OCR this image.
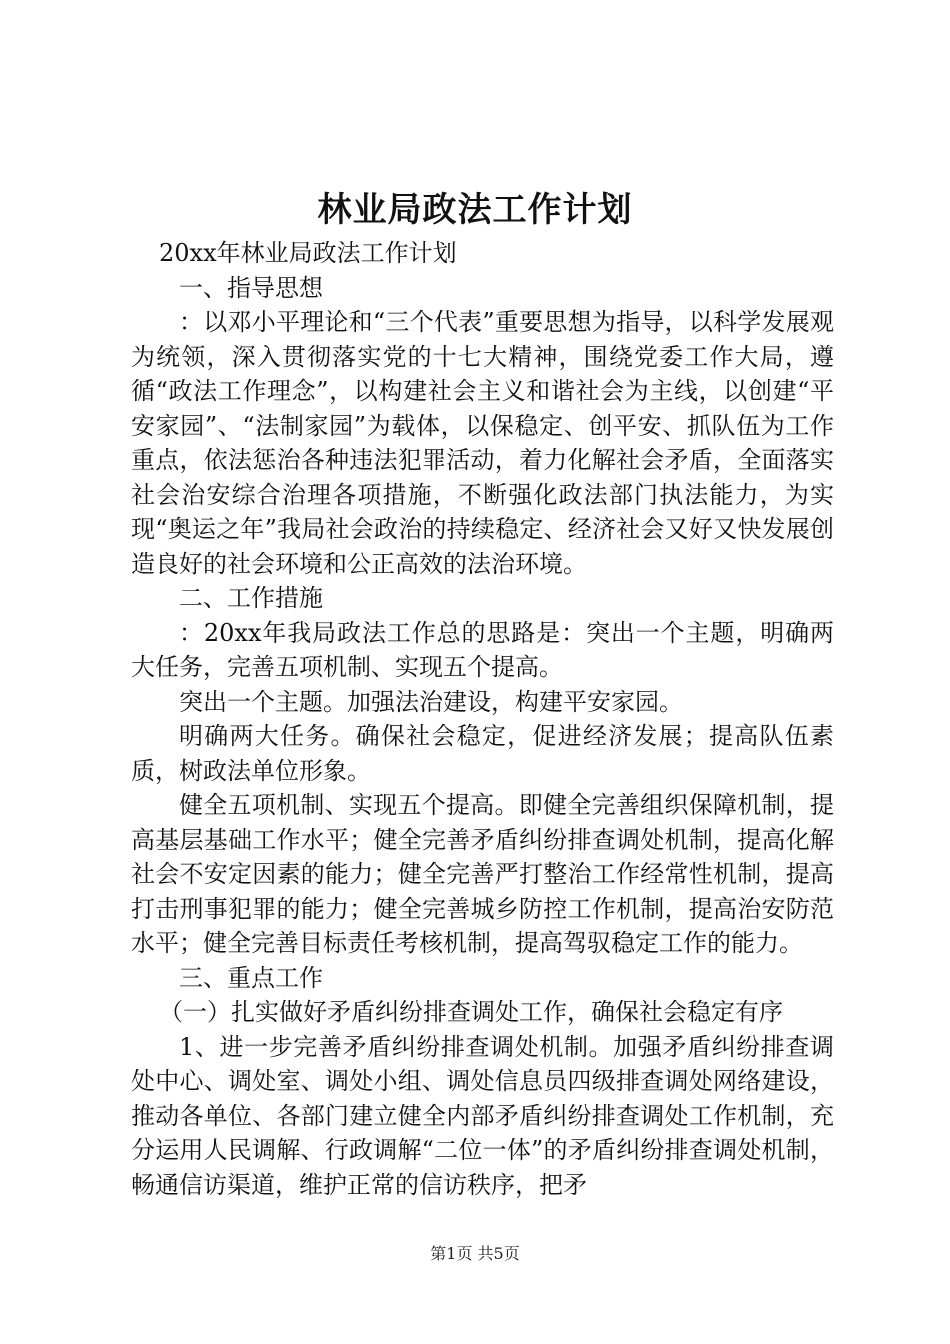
林业局政法工作计划

20xx年林业局政法工作计划

一、指导思想

：以邓小平理论和“三个代表”重要思想为指导，以科学发展观为统领，深入贯彻落实党的十七大精神，围绕党委工作大局，遵循“政法工作理念”，以构建社会主义和谐社会为主线，以创建“平安家园”、“法制家园”为载体，以保稳定、创平安、抓队伍为工作重点，依法惩治各种违法犯罪活动，着力化解社会矛盾，全面落实社会治安综合治理各项措施，不断强化政法部门执法能力，为实现“奥运之年”我局社会政治的持续稳定、经济社会又好又快发展创造良好的社会环境和公正高效的法治环境。

二、工作措施

：20xx年我局政法工作总的思路是：突出一个主题，明确两大任务，完善五项机制、实现五个提高。

突出一个主题。加强法治建设，构建平安家园。

明确两大任务。确保社会稳定，促进经济发展；提高队伍素质，树政法单位形象。

健全五项机制、实现五个提高。即健全完善组织保障机制，提高基层基础工作水平；健全完善矛盾纠纷排查调处机制，提高化解社会不安定因素的能力；健全完善严打整治工作经常性机制，提高打击刑事犯罪的能力；健全完善城乡防控工作机制，提高治安防范水平；健全完善目标责任考核机制，提高驾驭稳定工作的能力。

三、重点工作

（一）扎实做好矛盾纠纷排查调处工作，确保社会稳定有序

1、进一步完善矛盾纠纷排查调处机制。加强矛盾纠纷排查调处中心、调处室、调处小组、调处信息员四级排查调处网络建设，推动各单位、各部门建立健全内部矛盾纠纷排查调处工作机制，充分运用人民调解、行政调解“二位一体”的矛盾纠纷排查调处机制，畅通信访渠道，维护正常的信访秩序，把矛

第1页 共5页
